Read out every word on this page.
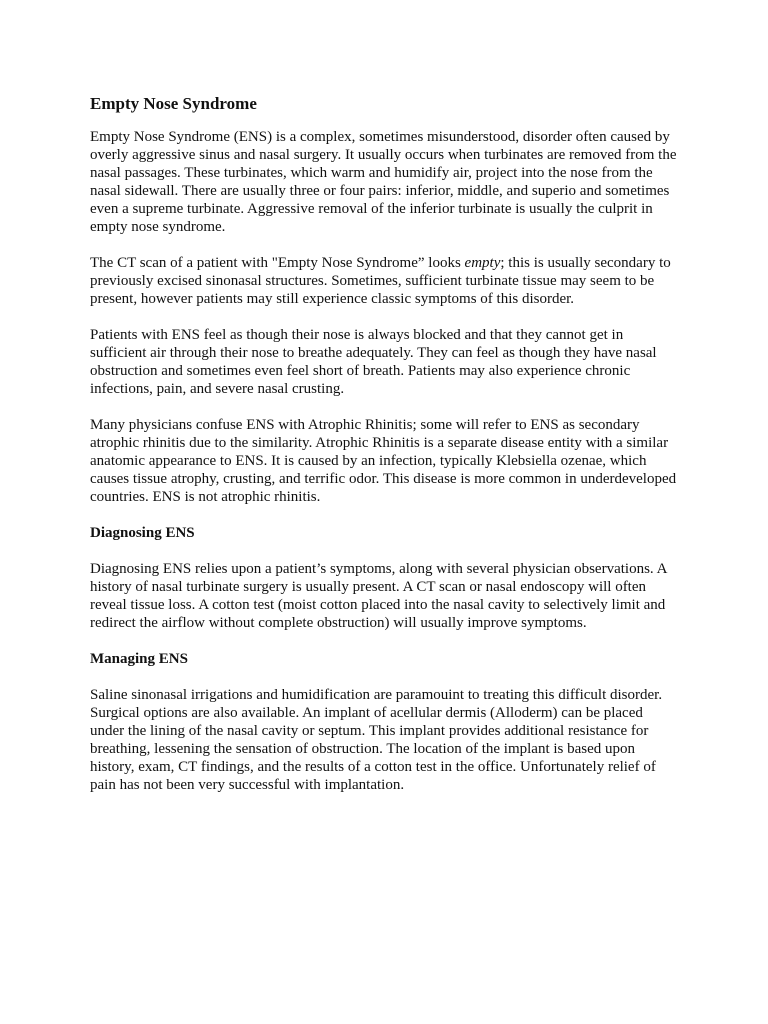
Empty Nose Syndrome

Empty Nose Syndrome (ENS) is a complex, sometimes misunderstood, disorder often caused by overly aggressive sinus and nasal surgery. It usually occurs when turbinates are removed from the nasal passages. These turbinates, which warm and humidify air, project into the nose from the nasal sidewall. There are usually three or four pairs: inferior, middle, and superio and sometimes even a supreme turbinate. Aggressive removal of the inferior turbinate is usually the culprit in empty nose syndrome.

The CT scan of a patient with "Empty Nose Syndrome” looks empty; this is usually secondary to previously excised sinonasal structures. Sometimes, sufficient turbinate tissue may seem to be present, however patients may still experience classic symptoms of this disorder.

Patients with ENS feel as though their nose is always blocked and that they cannot get in sufficient air through their nose to breathe adequately. They can feel as though they have nasal obstruction and sometimes even feel short of breath. Patients may also experience chronic infections, pain, and severe nasal crusting.

Many physicians confuse ENS with Atrophic Rhinitis; some will refer to ENS as secondary atrophic rhinitis due to the similarity. Atrophic Rhinitis is a separate disease entity with a similar anatomic appearance to ENS. It is caused by an infection, typically Klebsiella ozenae, which causes tissue atrophy, crusting, and terrific odor. This disease is more common in underdeveloped countries. ENS is not atrophic rhinitis.

Diagnosing ENS

Diagnosing ENS relies upon a patient’s symptoms, along with several physician observations. A history of nasal turbinate surgery is usually present. A CT scan or nasal endoscopy will often reveal tissue loss. A cotton test (moist cotton placed into the nasal cavity to selectively limit and redirect the airflow without complete obstruction) will usually improve symptoms.

Managing ENS

Saline sinonasal irrigations and humidification are paramouint to treating this difficult disorder. Surgical options are also available. An implant of acellular dermis (Alloderm) can be placed under the lining of the nasal cavity or septum. This implant provides additional resistance for breathing, lessening the sensation of obstruction. The location of the implant is based upon history, exam, CT findings, and the results of a cotton test in the office. Unfortunately relief of pain has not been very successful with implantation.
